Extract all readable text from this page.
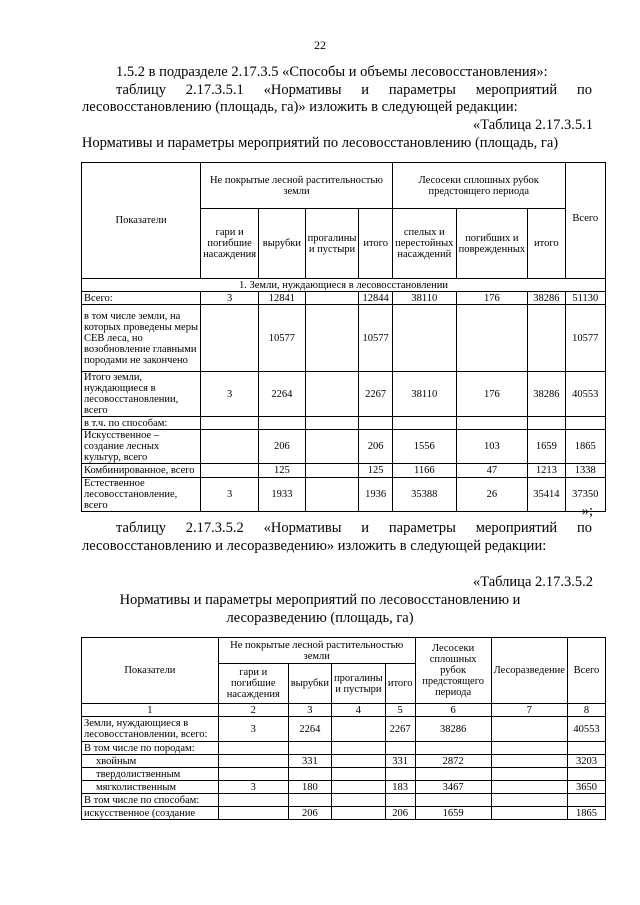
22
1.5.2 в подразделе 2.17.3.5 «Способы и объемы лесовосстановления»:
таблицу 2.17.3.5.1 «Нормативы и параметры мероприятий по
лесовосстановлению (площадь, га)» изложить в следующей редакции:
«Таблица 2.17.3.5.1
Нормативы и параметры мероприятий по лесовосстановлению (площадь, га)
Показатели	Не покрытые лесной растительностью земли				Лесосеки сплошных рубок предстоящего периода			Всего
	гари и погибшие насаждения	вырубки	прогалины и пустыри	итого	спелых и перестойных насаждений	погибших и поврежденных	итого	
1. Земли, нуждающиеся в лесовосстановлении								
Всего:	3	12841		12844	38110	176	38286	51130
в том числе земли, на которых проведены меры СЕВ леса, но возобновление главными породами не закончено		10577		10577				10577
Итого земли, нуждающиеся в лесовосстановлении, всего	3	2264		2267	38110	176	38286	40553
в т.ч. по способам:								
Искусственное – создание лесных культур, всего		206		206	1556	103	1659	1865
Комбинированное, всего		125		125	1166	47	1213	1338
Естественное лесовосстановление, всего	3	1933		1936	35388	26	35414	37350
»;
таблицу 2.17.3.5.2 «Нормативы и параметры мероприятий по
лесовосстановлению и лесоразведению» изложить в следующей редакции:
«Таблица 2.17.3.5.2
Нормативы и параметры мероприятий по лесовосстановлению и
лесоразведению (площадь, га)
Показатели	Не покрытые лесной растительностью земли				Лесосеки сплошных рубок предстоящего периода	Лесоразведение	Всего
	гари и погибшие насаждения	вырубки	прогалины и пустыри	итого			
1	2	3	4	5	6	7	8
Земли, нуждающиеся в лесовосстановлении, всего:	3	2264		2267	38286		40553
В том числе по породам:							
хвойным		331		331	2872		3203
твердолиственным							
мягколиственным	3	180		183	3467		3650
В том числе по способам:							
искусственное (создание		206		206	1659		1865
